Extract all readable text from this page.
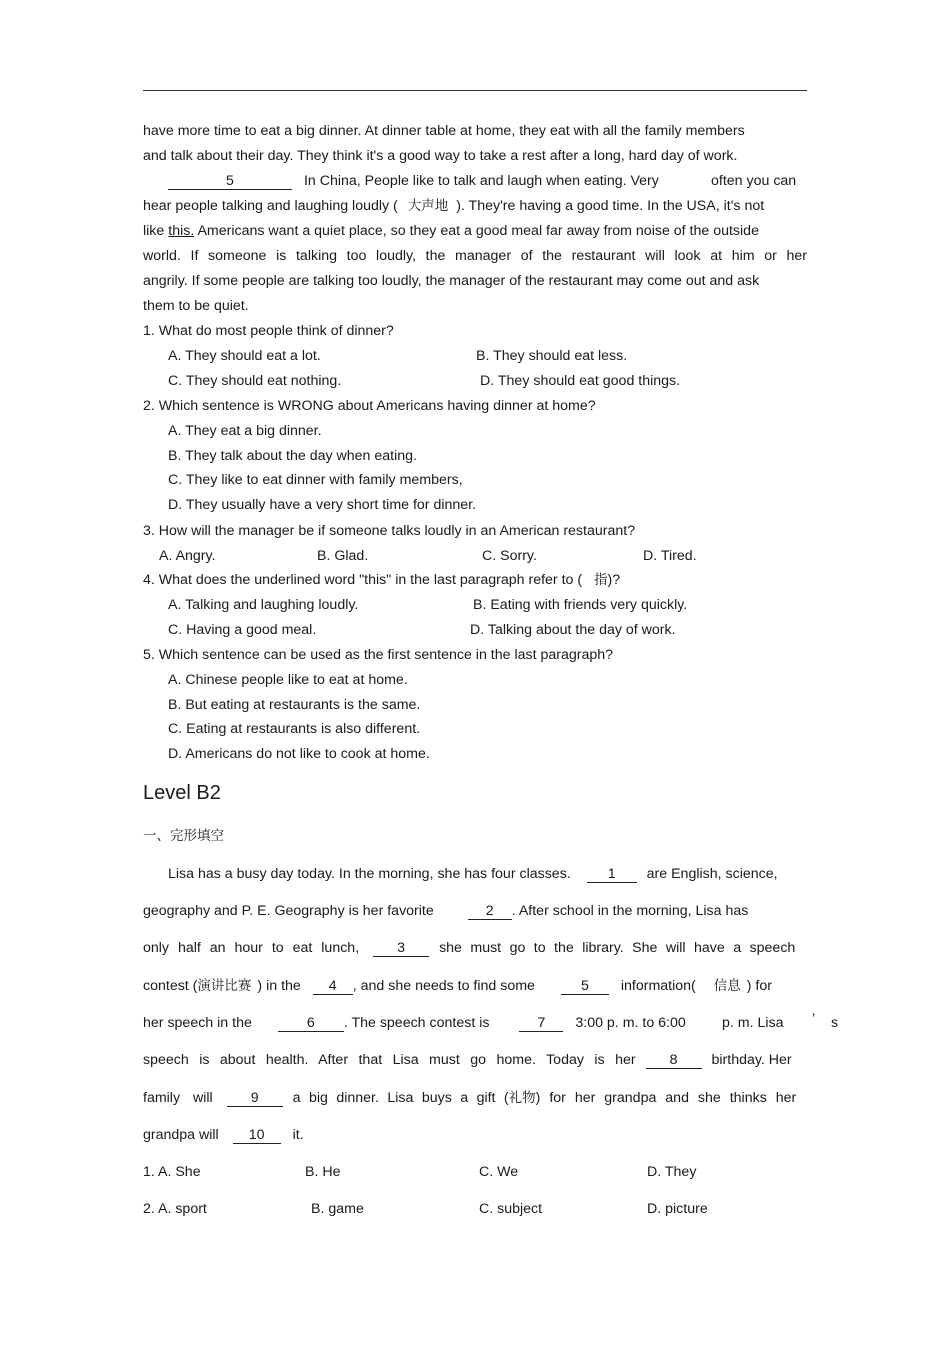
have more time to eat a big dinner. At dinner table at home, they eat with all the family members
and talk about their day. They think it's a good way to take a rest after a long, hard day of work.
5	In China, People like to talk and laugh when eating. Very	often you can
hear people talking and laughing loudly ( 大声地 ). They're having a good time. In the USA, it's not
like this. Americans want a quiet place, so they eat a good meal far away from noise of the outside
world. If someone is talking too loudly, the manager of the restaurant will look at him or her
angrily. If some people are talking too loudly, the manager of the restaurant may come out and ask
them to be quiet.
1. What do most people think of dinner?
A. They should eat a lot.	B. They should eat less.
C. They should eat nothing.	D. They should eat good things.
2. Which sentence is WRONG about Americans having dinner at home?
A. They eat a big dinner.
B. They talk about the day when eating.
C. They like to eat dinner with family members,
D. They usually have a very short time for dinner.
3. How will the manager be if someone talks loudly in an American restaurant?
A. Angry.	B. Glad.	C. Sorry.	D. Tired.
4. What does the underlined word "this" in the last paragraph refer to ( 指)?
A. Talking and laughing loudly.	B. Eating with friends very quickly.
C. Having a good meal.	D. Talking about the day of work.
5. Which sentence can be used as the first sentence in the last paragraph?
A. Chinese people like to eat at home.
B. But eating at restaurants is the same.
C. Eating at restaurants is also different.
D. Americans do not like to cook at home.
Level B2
一、完形填空
Lisa has a busy day today. In the morning, she has four classes.	1 are English, science,
geography and P. E. Geography is her favorite	2 . After school in the morning, Lisa has
only half an hour to eat lunch,	3 she must go to the library. She will have a speech
contest (演讲比赛 ) in the 4 , and she needs to find some	5 information( 信息 ) for
her speech in the	6 . The speech contest is	7 3:00 p. m. to 6:00	p. m. Lisa ’ s
speech is about health. After that Lisa must go home. Today is her 8 birthday. Her
family will	9 a big dinner. Lisa buys a gift (礼物) for her grandpa and she thinks her
grandpa will 10 it.
1. A. She	B. He	C. We	D. They
2. A. sport	B. game	C. subject	D. picture
